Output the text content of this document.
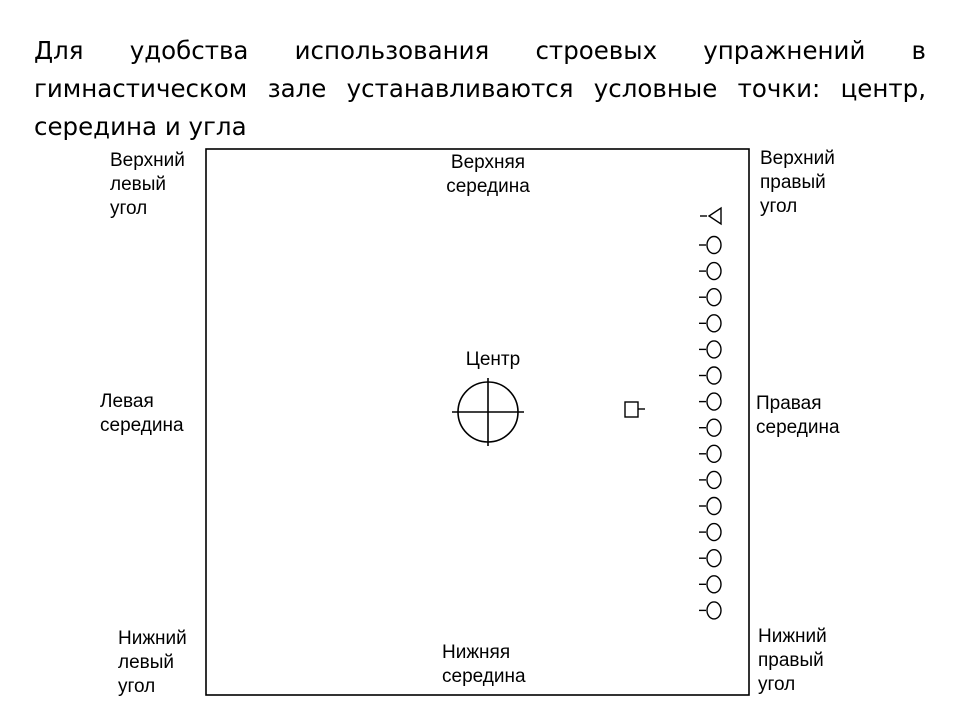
Для удобства использования строевых упражнений в гимнастическом зале устанавливаются условные точки: центр, середина и угла

Верхний
левый
угол
Верхняя
середина
Верхний
правый
угол
Центр
Левая
середина
Правая
середина
Нижний
левый
угол
Нижняя
середина
Нижний
правый
угол
